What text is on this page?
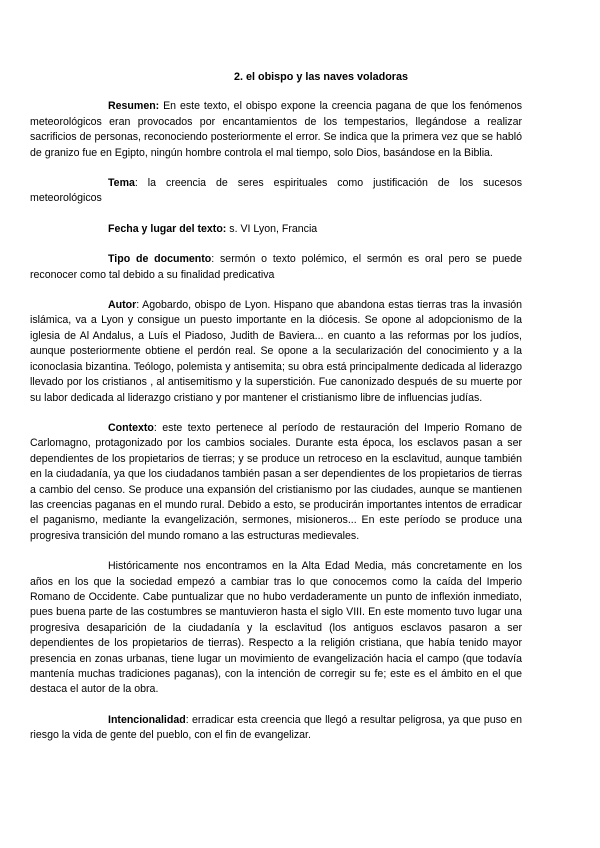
2. el obispo y las naves voladoras

Resumen: En este texto, el obispo expone la creencia pagana de que los fenómenos meteorológicos eran provocados por encantamientos de los tempestarios, llegándose a realizar sacrificios de personas, reconociendo posteriormente el error. Se indica que la primera vez que se habló de granizo fue en Egipto, ningún hombre controla el mal tiempo, solo Dios, basándose en la Biblia.

Tema: la creencia de seres espirituales como justificación de los sucesos meteorológicos

Fecha y lugar del texto: s. VI Lyon, Francia

Tipo de documento: sermón o texto polémico, el sermón es oral pero se puede reconocer como tal debido a su finalidad predicativa

Autor: Agobardo, obispo de Lyon. Hispano que abandona estas tierras tras la invasión islámica, va a Lyon y consigue un puesto importante en la diócesis. Se opone al adopcionismo de la iglesia de Al Andalus, a Luís el Piadoso, Judith de Baviera... en cuanto a las reformas por los judíos, aunque posteriormente obtiene el perdón real. Se opone a la secularización del conocimiento y a la iconoclasia bizantina. Teólogo, polemista y antisemita; su obra está principalmente dedicada al liderazgo llevado por los cristianos , al antisemitismo y la superstición. Fue canonizado después de su muerte por su labor dedicada al liderazgo cristiano y por mantener el cristianismo libre de influencias judías.

Contexto: este texto pertenece al período de restauración del Imperio Romano de Carlomagno, protagonizado por los cambios sociales. Durante esta época, los esclavos pasan a ser dependientes de los propietarios de tierras; y se produce un retroceso en la esclavitud, aunque también en la ciudadanía, ya que los ciudadanos también pasan a ser dependientes de los propietarios de tierras a cambio del censo. Se produce una expansión del cristianismo por las ciudades, aunque se mantienen las creencias paganas en el mundo rural. Debido a esto, se producirán importantes intentos de erradicar el paganismo, mediante la evangelización, sermones, misioneros... En este período se produce una progresiva transición del mundo romano a las estructuras medievales.

Históricamente nos encontramos en la Alta Edad Media, más concretamente en los años en los que la sociedad empezó a cambiar tras lo que conocemos como la caída del Imperio Romano de Occidente. Cabe puntualizar que no hubo verdaderamente un punto de inflexión inmediato, pues buena parte de las costumbres se mantuvieron hasta el siglo VIII. En este momento tuvo lugar una progresiva desaparición de la ciudadanía y la esclavitud (los antiguos esclavos pasaron a ser dependientes de los propietarios de tierras). Respecto a la religión cristiana, que había tenido mayor presencia en zonas urbanas, tiene lugar un movimiento de evangelización hacia el campo (que todavía mantenía muchas tradiciones paganas), con la intención de corregir su fe; este es el ámbito en el que destaca el autor de la obra.

Intencionalidad: erradicar esta creencia que llegó a resultar peligrosa, ya que puso en riesgo la vida de gente del pueblo, con el fin de evangelizar.
